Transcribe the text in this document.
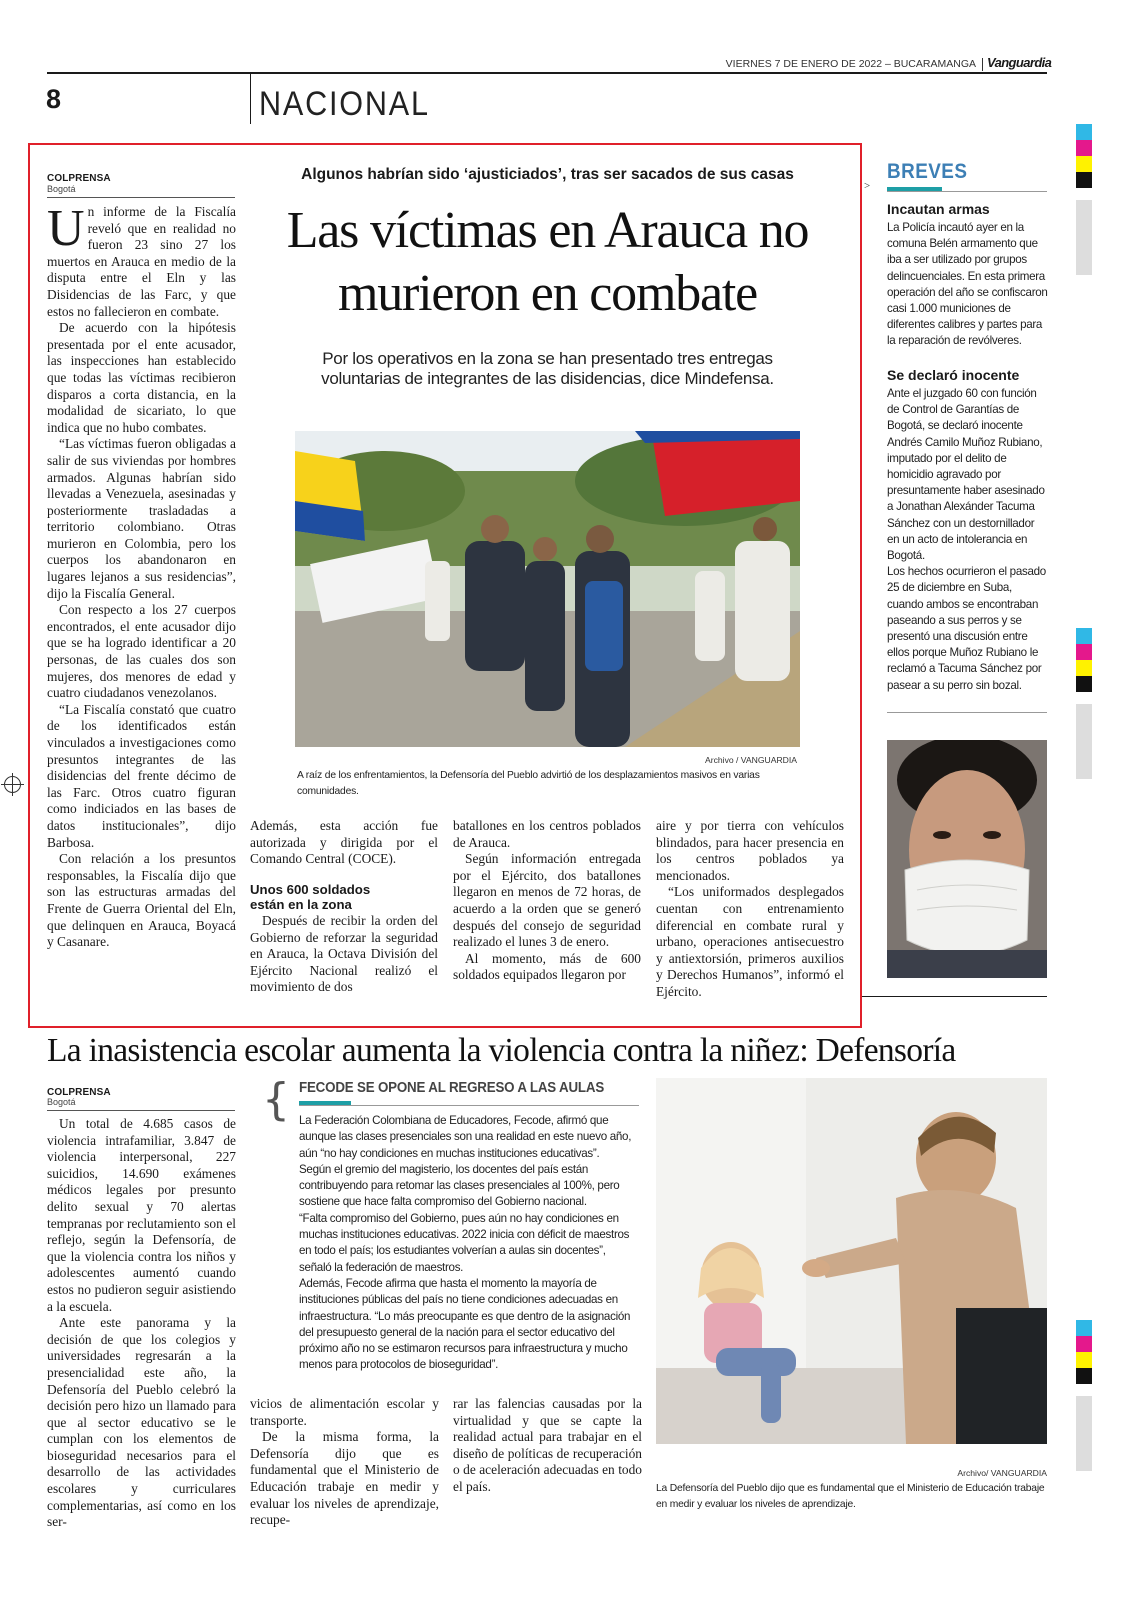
VIERNES 7 DE ENERO DE 2022 – BUCARAMANGA Vanguardia
8	NACIONAL
COLPRENSA
Bogotá
Algunos habrían sido ‘ajusticiados’, tras ser sacados de sus casas
Las víctimas en Arauca no murieron en combate
Por los operativos en la zona se han presentado tres entregas voluntarias de integrantes de las disidencias, dice Mindefensa.
U n informe de la Fiscalía reveló que en realidad no fueron 23 sino 27 los muertos en Arauca en medio de la disputa entre el Eln y las Disidencias de las Farc, y que estos no fallecieron en combate.

De acuerdo con la hipótesis presentada por el ente acusador, las inspecciones han establecido que todas las víctimas recibieron disparos a corta distancia, en la modalidad de sicariato, lo que indica que no hubo combates.

“Las víctimas fueron obligadas a salir de sus viviendas por hombres armados. Algunas habrían sido llevadas a Venezuela, asesinadas y posteriormente trasladadas a territorio colombiano. Otras murieron en Colombia, pero los cuerpos los abandonaron en lugares lejanos a sus residencias”, dijo la Fiscalía General.

Con respecto a los 27 cuerpos encontrados, el ente acusador dijo que se ha logrado identificar a 20 personas, de las cuales dos son mujeres, dos menores de edad y cuatro ciudadanos venezolanos.

“La Fiscalía constató que cuatro de los identificados están vinculados a investigaciones como presuntos integrantes de las disidencias del frente décimo de las Farc. Otros cuatro figuran como indiciados en las bases de datos institucionales”, dijo Barbosa.

Con relación a los presuntos responsables, la Fiscalía dijo que son las estructuras armadas del Frente de Guerra Oriental del Eln, que delinquen en Arauca, Boyacá y Casanare.

Archivo / VANGUARDIA
A raíz de los enfrentamientos, la Defensoría del Pueblo advirtió de los desplazamientos masivos en varias comunidades.

Además, esta acción fue autorizada y dirigida por el Comando Central (COCE).

Unos 600 soldados están en la zona

Después de recibir la orden del Gobierno de reforzar la seguridad en Arauca, la Octava División del Ejército Nacional realizó el movimiento de dos

batallones en los centros poblados de Arauca.

Según información entregada por el Ejército, dos batallones llegaron en menos de 72 horas, de acuerdo a la orden que se generó después del consejo de seguridad realizado el lunes 3 de enero.

Al momento, más de 600 soldados equipados llegaron por

aire y por tierra con vehículos blindados, para hacer presencia en los centros poblados ya mencionados.

“Los uniformados desplegados cuentan con entrenamiento diferencial en combate rural y urbano, operaciones antisecuestro y antiextorsión, primeros auxilios y Derechos Humanos”, informó el Ejército.

>
BREVES
Incautan armas

La Policía incautó ayer en la comuna Belén armamento que iba a ser utilizado por grupos delincuenciales. En esta primera operación del año se confiscaron casi 1.000 municiones de diferentes calibres y partes para la reparación de revólveres.

Se declaró inocente

Ante el juzgado 60 con función de Control de Garantías de Bogotá, se declaró inocente Andrés Camilo Muñoz Rubiano, imputado por el delito de homicidio agravado por presuntamente haber asesinado a Jonathan Alexánder Tacuma Sánchez con un destornillador en un acto de intolerancia en Bogotá.

Los hechos ocurrieron el pasado 25 de diciembre en Suba, cuando ambos se encontraban paseando a sus perros y se presentó una discusión entre ellos porque Muñoz Rubiano le reclamó a Tacuma Sánchez por pasear a su perro sin bozal.

La inasistencia escolar aumenta la violencia contra la niñez: Defensoría
COLPRENSA
Bogotá

Un total de 4.685 casos de violencia intrafamiliar, 3.847 de violencia interpersonal, 227 suicidios, 14.690 exámenes médicos legales por presunto delito sexual y 70 alertas tempranas por reclutamiento son el reflejo, según la Defensoría, de que la violencia contra los niños y adolescentes aumentó cuando estos no pudieron seguir asistiendo a la escuela.

Ante este panorama y la decisión de que los colegios y universidades regresarán a la presencialidad este año, la Defensoría del Pueblo celebró la decisión pero hizo un llamado para que al sector educativo se le cumplan con los elementos de bioseguridad necesarios para el desarrollo de las actividades escolares y curriculares complementarias, así como en los ser-

{ FECODE SE OPONE AL REGRESO A LAS AULAS

La Federación Colombiana de Educadores, Fecode, afirmó que aunque las clases presenciales son una realidad en este nuevo año, aún “no hay condiciones en muchas instituciones educativas”.

Según el gremio del magisterio, los docentes del país están contribuyendo para retomar las clases presenciales al 100%, pero sostiene que hace falta compromiso del Gobierno nacional.

“Falta compromiso del Gobierno, pues aún no hay condiciones en muchas instituciones educativas. 2022 inicia con déficit de maestros en todo el país; los estudiantes volverían a aulas sin docentes”, señaló la federación de maestros.

Además, Fecode afirma que hasta el momento la mayoría de instituciones públicas del país no tiene condiciones adecuadas en infraestructura. “Lo más preocupante es que dentro de la asignación del presupuesto general de la nación para el sector educativo del próximo año no se estimaron recursos para infraestructura y mucho menos para protocolos de bioseguridad”.

vicios de alimentación escolar y transporte.

De la misma forma, la Defensoría dijo que es fundamental que el Ministerio de Educación trabaje en medir y evaluar los niveles de aprendizaje, recupe-

rar las falencias causadas por la virtualidad y que se capte la realidad actual para trabajar en el diseño de políticas de recuperación o de aceleración adecuadas en todo el país.

Archivo/ VANGUARDIA
La Defensoría del Pueblo dijo que es fundamental que el Ministerio de Educación trabaje en medir y evaluar los niveles de aprendizaje.
